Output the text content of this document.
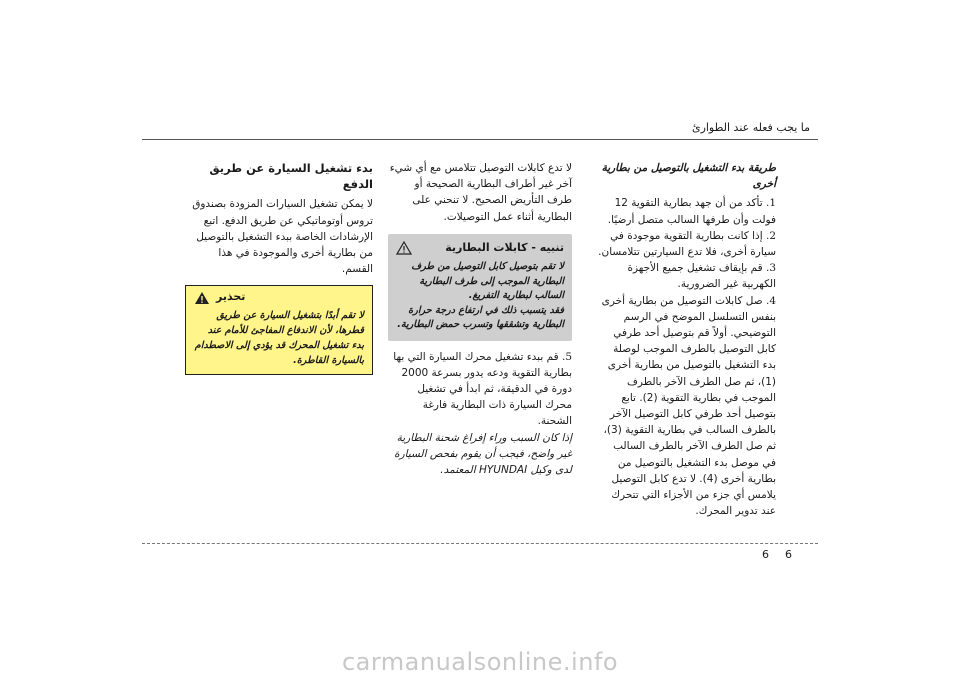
ما يجب فعله عند الطوارئ

طريقة بدء التشغيل بالتوصيل من بطارية أخرى

1. تأكد من أن جهد بطارية التقوية 12 فولت وأن طرفها السالب متصل أرضيًا.
2. إذا كانت بطارية التقوية موجودة في سيارة أخرى، فلا تدع السيارتين تتلامسان.
3. قم بإيقاف تشغيل جميع الأجهزة الكهربية غير الضرورية.
4. صل كابلات التوصيل من بطارية أخرى بنفس التسلسل الموضح في الرسم التوضيحي. أولاً قم بتوصيل أحد طرفي كابل التوصيل بالطرف الموجب لوصلة بدء التشغيل بالتوصيل من بطارية أخرى (1)، ثم صل الطرف الآخر بالطرف الموجب في بطارية التقوية (2). تابع بتوصيل أحد طرفي كابل التوصيل الآخر بالطرف السالب في بطارية التقوية (3)، ثم صل الطرف الآخر بالطرف السالب في موصل بدء التشغيل بالتوصيل من بطارية أخرى (4). لا تدع كابل التوصيل يلامس أي جزء من الأجزاء التي تتحرك عند تدوير المحرك.

لا تدع كابلات التوصيل تتلامس مع أي شيء آخر غير أطراف البطارية الصحيحة أو طرف التأريض الصحيح. لا تنحني على البطارية أثناء عمل التوصيلات.

تنبيه - كابلات البطارية

لا تقم بتوصيل كابل التوصيل من طرف البطارية الموجب إلى طرف البطارية السالب لبطارية التفريغ.

فقد يتسبب ذلك في ارتفاع درجة حرارة البطارية وتشققها وتسرب حمض البطارية.

5. قم ببدء تشغيل محرك السيارة التي بها بطارية التقوية ودعه يدور بسرعة 2000 دورة في الدقيقة، ثم ابدأ في تشغيل محرك السيارة ذات البطارية فارغة الشحنة.

إذا كان السبب وراء إفراغ شحنة البطارية غير واضح، فيجب أن يقوم بفحص السيارة لدى وكيل HYUNDAI المعتمد.

بدء تشغيل السيارة عن طريق الدفع

لا يمكن تشغيل السيارات المزودة بصندوق تروس أوتوماتيكي عن طريق الدفع. اتبع الإرشادات الخاصة ببدء التشغيل بالتوصيل من بطارية أخرى والموجودة في هذا القسم.

تحذير

لا تقم أبدًا بتشغيل السيارة عن طريق قطرها، لأن الاندفاع المفاجئ للأمام عند بدء تشغيل المحرك قد يؤدي إلى الاصطدام بالسيارة القاطرة.

6 6
carmanualsonline.info
